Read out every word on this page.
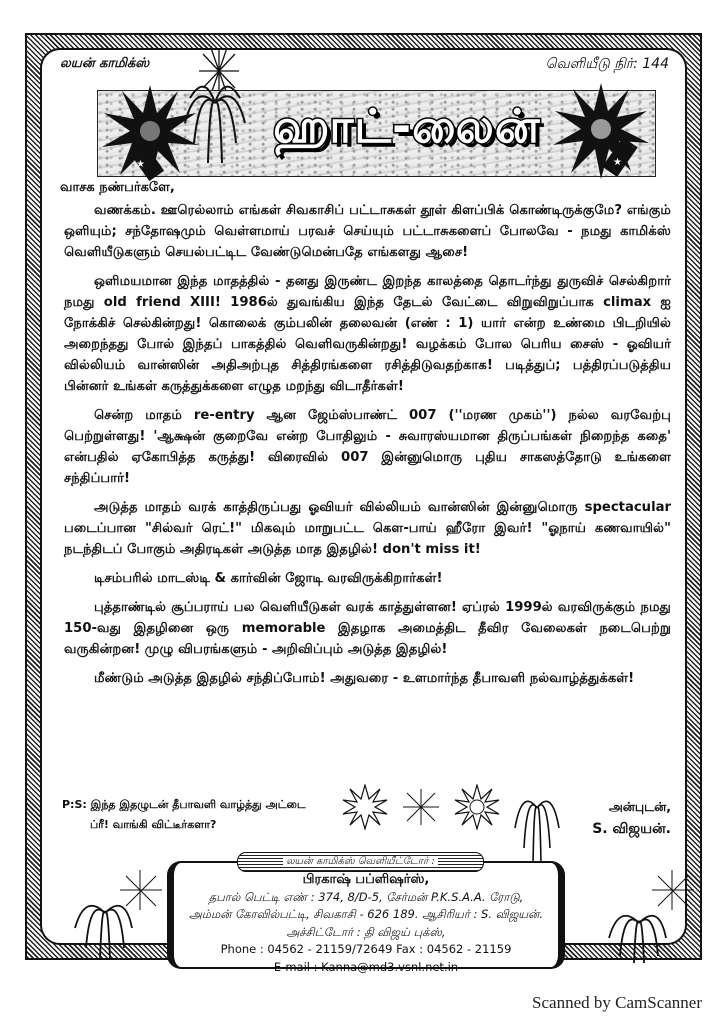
லயன் காமிக்ஸ்	வெளியீடு நிர்: 144
★
ஹாட்-லைன்
★
வாசக நண்பர்களே,

வணக்கம். ஊரெல்லாம் எங்கள் சிவகாசிப் பட்டாசுகள் தூள் கிளப்பிக் கொண்டிருக்குமே? எங்கும் ஒளியும்; சந்தோஷமும் வெள்ளமாய் பரவச் செய்யும் பட்டாசுகளைப் போலவே - நமது காமிக்ஸ் வெளியீடுகளும் செயல்பட்டிட வேண்டுமென்பதே எங்களது ஆசை!

ஒளிமயமான இந்த மாதத்தில் - தனது இருண்ட இறந்த காலத்தை தொடர்ந்து துருவிச் செல்கிறார் நமது old friend XIII! 1986ல் துவங்கிய இந்த தேடல் வேட்டை விறுவிறுப்பாக climax ஐ நோக்கிச் செல்கின்றது! கொலைக் கும்பலின் தலைவன் (எண் : 1) யார் என்ற உண்மை பிடறியில் அறைந்தது போல் இந்தப் பாகத்தில் வெளிவருகின்றது! வழக்கம் போல பெரிய சைஸ் - ஓவியர் வில்லியம் வான்ஸின் அதிஅற்புத சித்திரங்களை ரசித்திடுவதற்காக! படித்துப்; பத்திரப்படுத்திய பின்னர் உங்கள் கருத்துக்களை எழுத மறந்து விடாதீர்கள்!

சென்ற மாதம் re-entry ஆன ஜேம்ஸ்பாண்ட் 007 (''மரண முகம்'') நல்ல வரவேற்பு பெற்றுள்ளது! 'ஆக்ஷன் குறைவே என்ற போதிலும் - சுவாரஸ்யமான திருப்பங்கள் நிறைந்த கதை' என்பதில் ஏகோபித்த கருத்து! விரைவில் 007 இன்னுமொரு புதிய சாகஸத்தோடு உங்களை சந்திப்பார்!

அடுத்த மாதம் வரக் காத்திருப்பது ஓவியர் வில்லியம் வான்ஸின் இன்னுமொரு spectacular படைப்பான "சில்வர் ரெட்!" மிகவும் மாறுபட்ட கௌ-பாய் ஹீரோ இவர்! "ஓநாய் கணவாயில்" நடந்திடப் போகும் அதிரடிகள் அடுத்த மாத இதழில்! don't miss it!

டிசம்பரில் மாடஸ்டி & கார்வின் ஜோடி வரவிருக்கிறார்கள்!

புத்தாண்டில் சூப்பராய் பல வெளியீடுகள் வரக் காத்துள்ளன! ஏப்ரல் 1999ல் வரவிருக்கும் நமது 150-வது இதழினை ஒரு memorable இதழாக அமைத்திட தீவிர வேலைகள் நடைபெற்று வருகின்றன! முழு விபரங்களும் - அறிவிப்பும் அடுத்த இதழில்!

மீண்டும் அடுத்த இதழில் சந்திப்போம்! அதுவரை - உளமார்ந்த தீபாவளி நல்வாழ்த்துக்கள்!

P:S: இந்த இதழுடன் தீபாவளி வாழ்த்து அட்டை
ப்ரீ! வாங்கி விட்டீர்களா?
அன்புடன்,
S. விஜயன்.
பிரகாஷ் பப்ளிஷர்ஸ்,
தபால் பெட்டி எண் : 374, 8/D-5, சேர்மன் P.K.S.A.A. ரோடு,
அம்மன் கோவில்பட்டி, சிவகாசி - 626 189. ஆசிரியர் : S. விஜயன்.
அச்சிட்டோர் : தி விஜய் புக்ஸ்,
Phone : 04562 - 21159/72649 Fax : 04562 - 21159
E-mail : Kanna@md3.vsnl.net.in
லயன் காமிக்ஸ் வெளியீட்டோர் :
Scanned by CamScanner
